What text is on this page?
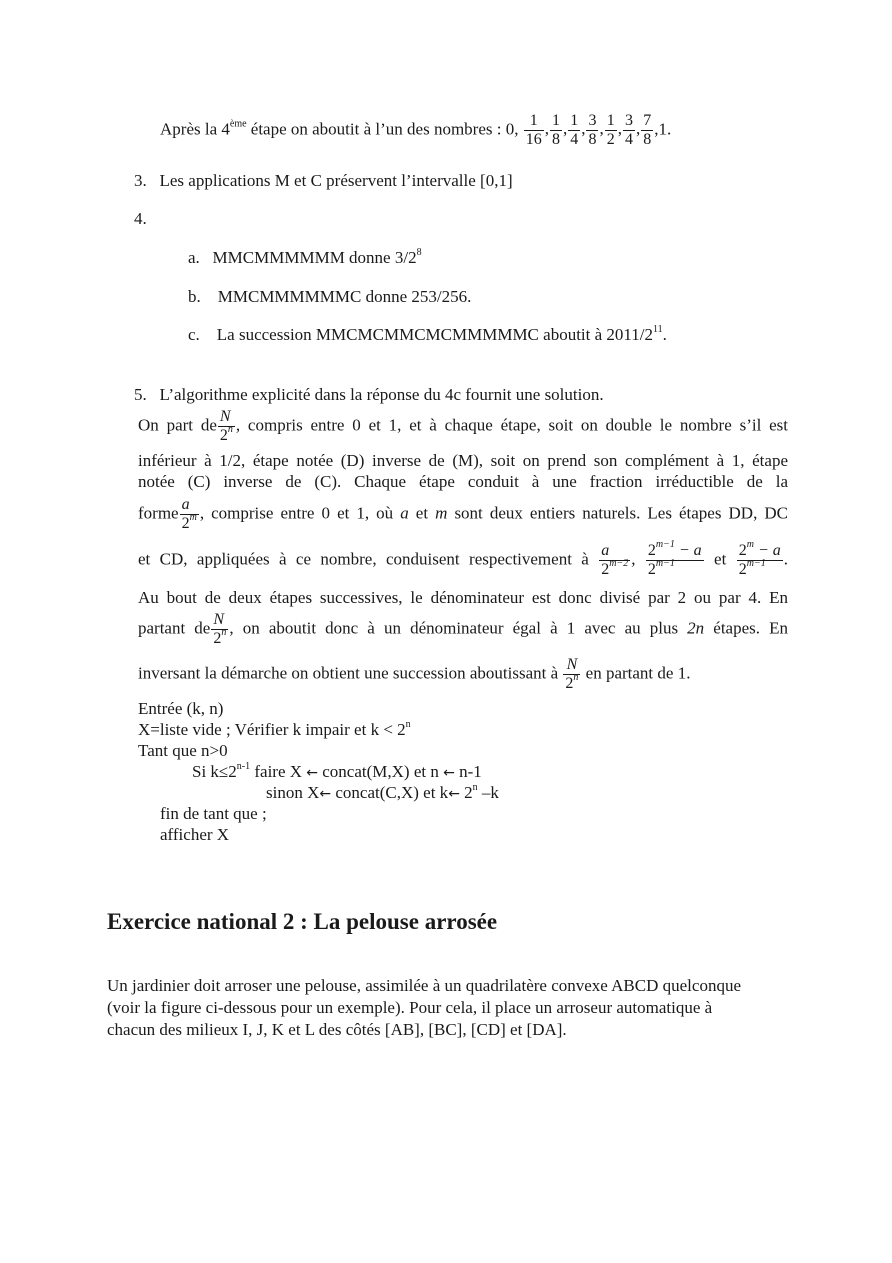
Après la 4ème étape on aboutit à l’un des nombres : 0, $\frac{1}{16}$ , $\frac{1}{8}$ , $\frac{1}{4}$ , $\frac{3}{8}$ , $\frac{1}{2}$ , $\frac{3}{4}$ , $\frac{7}{8} ,1$.
3. Les applications M et C préservent l’intervalle [0,1]
4.
a. MMCMMMMMM donne $3/2^8$
b. MMCMMMMMMC donne 253/256.
c. La succession MMCMCMMCMCMMMMMC aboutit à $2011/2^{11}$.
5. L’algorithme explicité dans la réponse du 4c fournit une solution.
On part de $\frac{N}{2^n}$ , compris entre 0 et 1, et à chaque étape, soit on double le nombre s’il est
inférieur à 1/2, étape notée (D) inverse de (M), soit on prend son complément à 1, étape
notée (C) inverse de (C). Chaque étape conduit à une fraction irréductible de la
forme $\frac{a}{2^m}$ , comprise entre 0 et 1, où a et m sont deux entiers naturels. Les étapes DD, DC
et CD, appliquées à ce nombre, conduisent respectivement à $\frac{a}{2^{m-2}}$ , $\frac{2^{m-1} - a}{2^{m-1}}$ et $\frac{2^m - a}{2^{m-1}}$ .
Au bout de deux étapes successives, le dénominateur est donc divisé par 2 ou par 4. En
partant de $\frac{N}{2^n}$ , on aboutit donc à un dénominateur égal à 1 avec au plus 2n étapes. En
inversant la démarche on obtient une succession aboutissant à $\frac{N}{2^n}$ en partant de 1.
Entrée (k, n)
X=liste vide ; Vérifier k impair et $k < 2^n$
Tant que n>0
Si $k\le 2^{n-1}$ faire X ← concat(M,X) et n ← n-1
sinon X← concat(C,X) et k← 2$^n$ –k
fin de tant que ;
afficher X
Exercice national 2 : La pelouse arrosée
Un jardinier doit arroser une pelouse, assimilée à un quadrilatère convexe ABCD quelconque
(voir la figure ci-dessous pour un exemple). Pour cela, il place un arroseur automatique à
chacun des milieux I, J, K et L des côtés [AB], [BC], [CD] et [DA].
